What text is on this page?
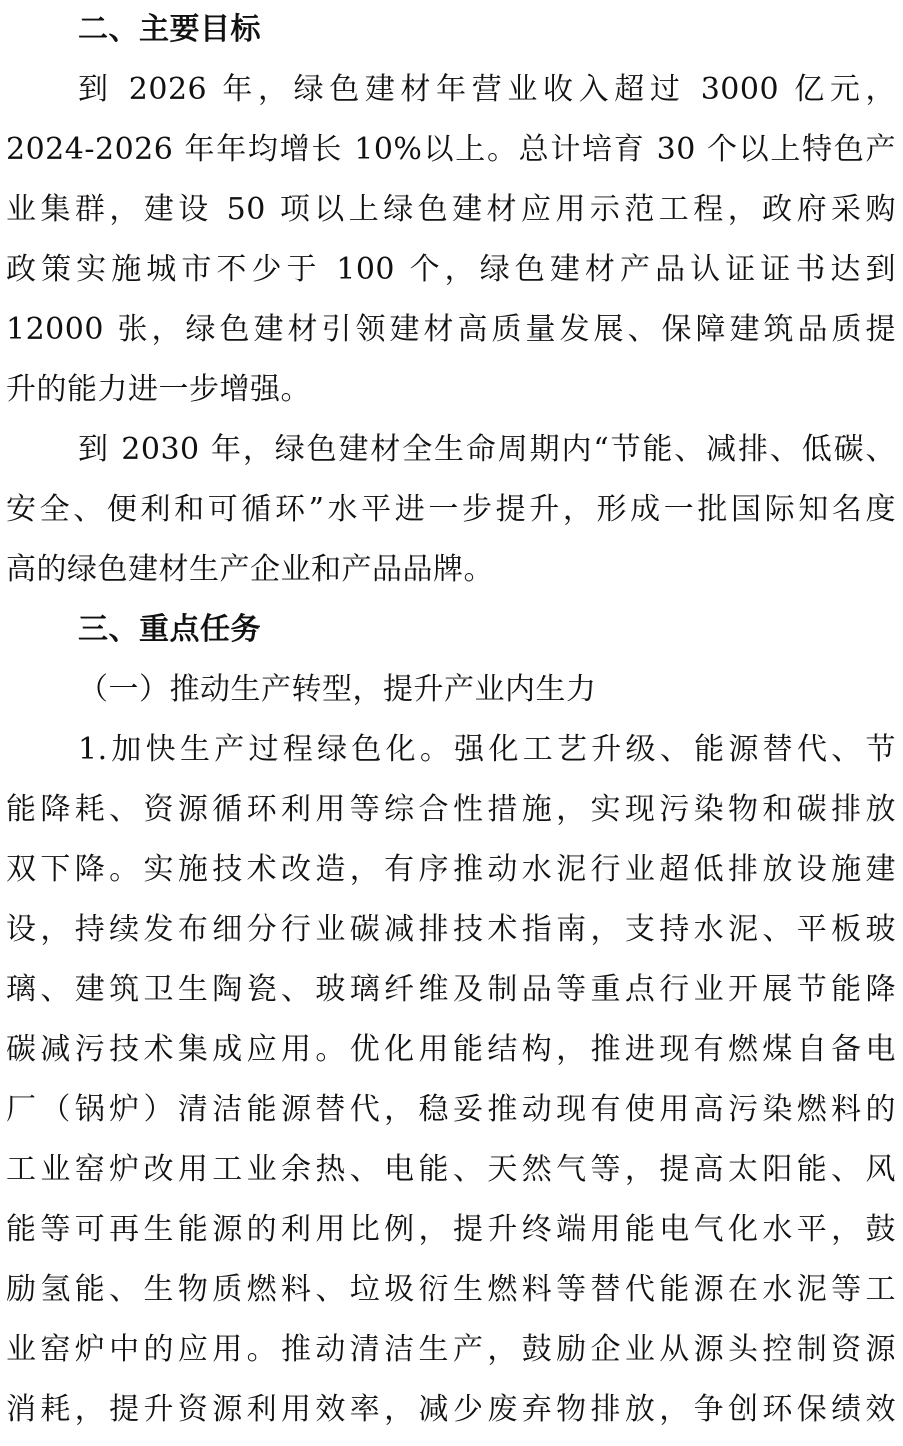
二、主要目标
到 2026 年，绿色建材年营业收入超过 3000 亿元，
2024-2026 年年均增长 10%以上。总计培育 30 个以上特色产
业集群，建设 50 项以上绿色建材应用示范工程，政府采购
政策实施城市不少于 100 个，绿色建材产品认证证书达到
12000 张，绿色建材引领建材高质量发展、保障建筑品质提
升的能力进一步增强。
到 2030 年，绿色建材全生命周期内“节能、减排、低碳、
安全、便利和可循环”水平进一步提升，形成一批国际知名度
高的绿色建材生产企业和产品品牌。
三、重点任务
（一）推动生产转型，提升产业内生力
1.加快生产过程绿色化。强化工艺升级、能源替代、节
能降耗、资源循环利用等综合性措施，实现污染物和碳排放
双下降。实施技术改造，有序推动水泥行业超低排放设施建
设，持续发布细分行业碳减排技术指南，支持水泥、平板玻
璃、建筑卫生陶瓷、玻璃纤维及制品等重点行业开展节能降
碳减污技术集成应用。优化用能结构，推进现有燃煤自备电
厂（锅炉）清洁能源替代，稳妥推动现有使用高污染燃料的
工业窑炉改用工业余热、电能、天然气等，提高太阳能、风
能等可再生能源的利用比例，提升终端用能电气化水平，鼓
励氢能、生物质燃料、垃圾衍生燃料等替代能源在水泥等工
业窑炉中的应用。推动清洁生产，鼓励企业从源头控制资源
消耗，提升资源利用效率，减少废弃物排放，争创环保绩效
